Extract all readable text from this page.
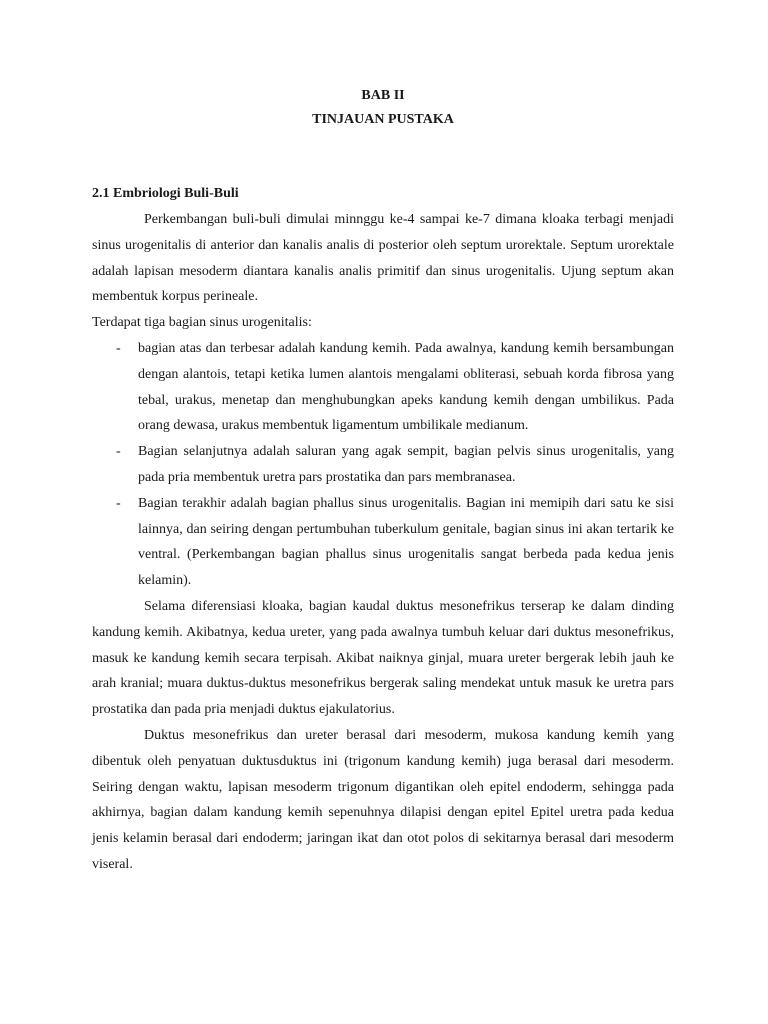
BAB II

TINJAUAN PUSTAKA

2.1 Embriologi Buli-Buli

Perkembangan buli-buli dimulai minnggu ke-4 sampai ke-7 dimana kloaka terbagi menjadi sinus urogenitalis di anterior dan kanalis analis di posterior oleh septum urorektale. Septum urorektale adalah lapisan mesoderm diantara kanalis analis primitif dan sinus urogenitalis. Ujung septum akan membentuk korpus perineale.

Terdapat tiga bagian sinus urogenitalis:

- bagian atas dan terbesar adalah kandung kemih. Pada awalnya, kandung kemih bersambungan dengan alantois, tetapi ketika lumen alantois mengalami obliterasi, sebuah korda fibrosa yang tebal, urakus, menetap dan menghubungkan apeks kandung kemih dengan umbilikus. Pada orang dewasa, urakus membentuk ligamentum umbilikale medianum.
- Bagian selanjutnya adalah saluran yang agak sempit, bagian pelvis sinus urogenitalis, yang pada pria membentuk uretra pars prostatika dan pars membranasea.
- Bagian terakhir adalah bagian phallus sinus urogenitalis. Bagian ini memipih dari satu ke sisi lainnya, dan seiring dengan pertumbuhan tuberkulum genitale, bagian sinus ini akan tertarik ke ventral. (Perkembangan bagian phallus sinus urogenitalis sangat berbeda pada kedua jenis kelamin).

Selama diferensiasi kloaka, bagian kaudal duktus mesonefrikus terserap ke dalam dinding kandung kemih. Akibatnya, kedua ureter, yang pada awalnya tumbuh keluar dari duktus mesonefrikus, masuk ke kandung kemih secara terpisah. Akibat naiknya ginjal, muara ureter bergerak lebih jauh ke arah kranial; muara duktus-duktus mesonefrikus bergerak saling mendekat untuk masuk ke uretra pars prostatika dan pada pria menjadi duktus ejakulatorius.

Duktus mesonefrikus dan ureter berasal dari mesoderm, mukosa kandung kemih yang dibentuk oleh penyatuan duktusduktus ini (trigonum kandung kemih) juga berasal dari mesoderm. Seiring dengan waktu, lapisan mesoderm trigonum digantikan oleh epitel endoderm, sehingga pada akhirnya, bagian dalam kandung kemih sepenuhnya dilapisi dengan epitel Epitel uretra pada kedua jenis kelamin berasal dari endoderm; jaringan ikat dan otot polos di sekitarnya berasal dari mesoderm viseral.
